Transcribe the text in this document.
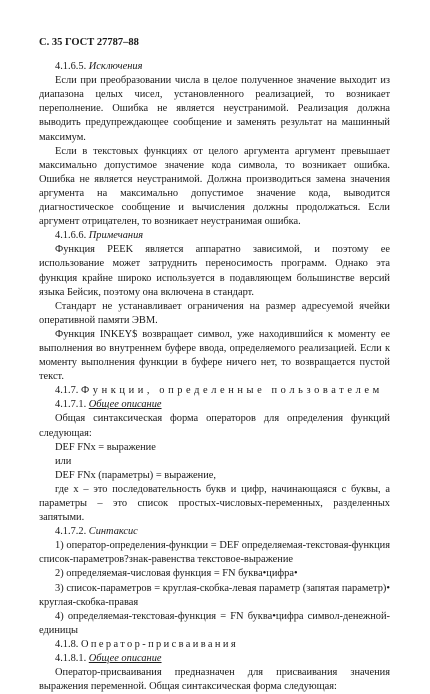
С. 35 ГОСТ 27787–88

4.1.6.5. Исключения

Если при преобразовании числа в целое полученное значение выходит из диапазона целых чисел, установленного реализацией, то возникает переполнение. Ошибка не является неустранимой. Реализация должна выводить предупреждающее сообщение и заменять результат на машинный максимум.

Если в текстовых функциях от целого аргумента аргумент превышает максимально допустимое значение кода символа, то возникает ошибка. Ошибка не является неустранимой. Должна производиться замена значения аргумента на максимально допустимое значение кода, выводится диагностическое сообщение и вычисления должны продолжаться. Если аргумент отрицателен, то возникает неустранимая ошибка.

4.1.6.6. Примечания

Функция PEEK является аппаратно зависимой, и поэтому ее использование может затруднить переносимость программ. Однако эта функция крайне широко используется в подавляющем большинстве версий языка Бейсик, поэтому она включена в стандарт.

Стандарт не устанавливает ограничения на размер адресуемой ячейки оперативной памяти ЭВМ.

Функция INKEY$ возвращает символ, уже находившийся к моменту ее выполнения во внутреннем буфере ввода, определяемого реализацией. Если к моменту выполнения функции в буфере ничего нет, то возвращается пустой текст.

4.1.7. Функции, определенные пользователем

4.1.7.1. Общее описание

Общая синтаксическая форма операторов для определения функций следующая:

DEF FNx = выражение

или

DEF FNx (параметры) = выражение,

где x – это последовательность букв и цифр, начинающаяся с буквы, а параметры – это список простых-числовых-переменных, разделенных запятыми.

4.1.7.2. Синтаксис

1) оператор-определения-функции = DEF определяемая-текстовая-функция список-параметров?знак-равенства текстовое-выражение

2) определяемая-числовая функция = FN буква•цифра•

3) список-параметров = круглая-скобка-левая параметр (запятая параметр)• круглая-скобка-правая

4) определяемая-текстовая-функция = FN буква•цифра символ-денежной-единицы

4.1.8. Оператор-присваивания

4.1.8.1. Общее описание

Оператор-присваивания предназначен для присваивания значения выражения переменной. Общая синтаксическая форма следующая:
